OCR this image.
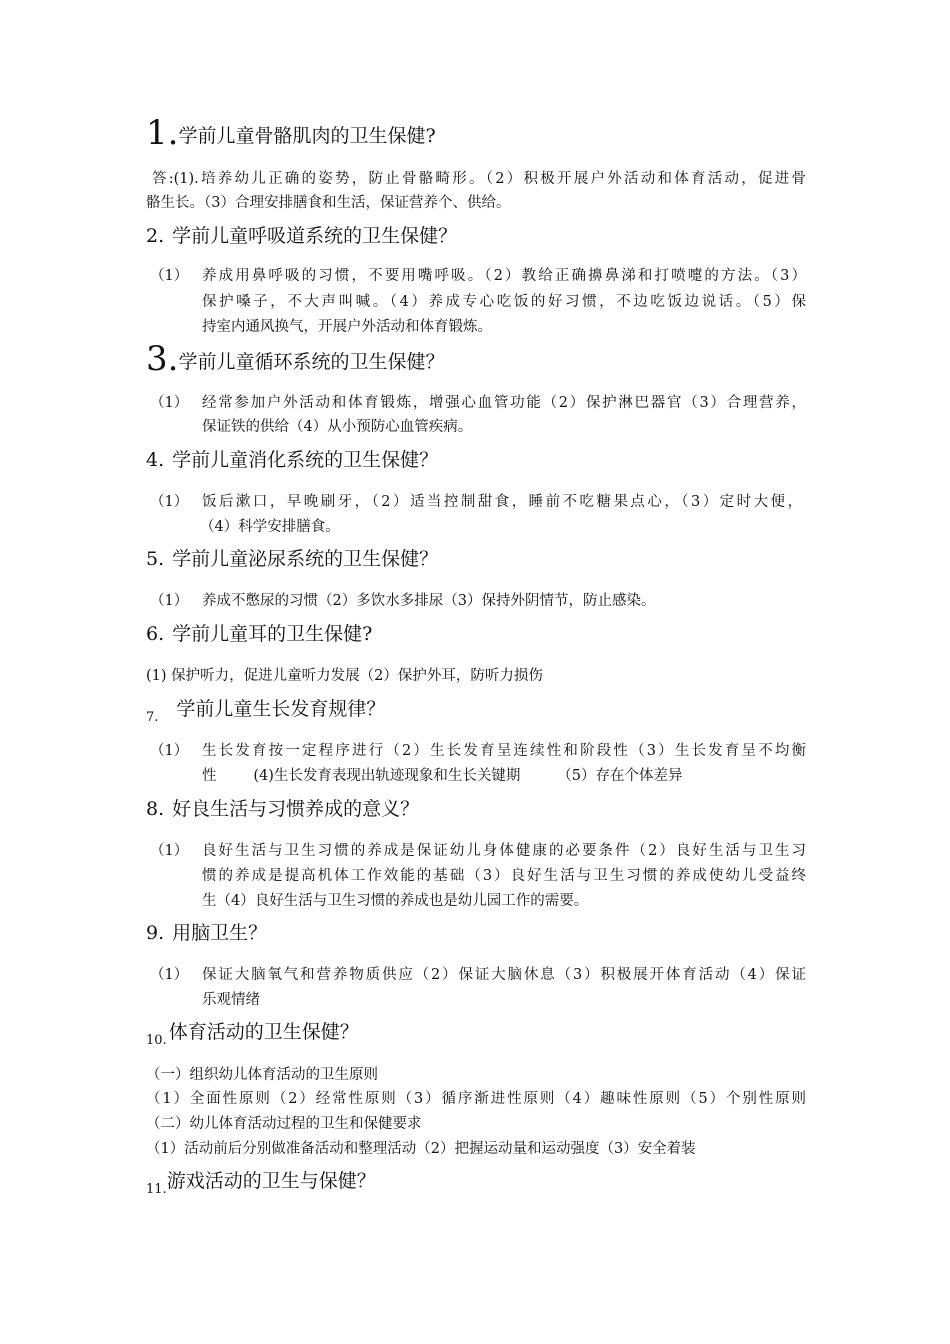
1.学前儿童骨骼肌肉的卫生保健?
答:(1).培养幼儿正确的姿势，防止骨骼畸形。（2）积极开展户外活动和体育活动，促进骨
骼生长。（3）合理安排膳食和生活，保证营养个、供给。
2. 学前儿童呼吸道系统的卫生保健？
（1） 养成用鼻呼吸的习惯，不要用嘴呼吸。（2）教给正确擤鼻涕和打喷嚏的方法。（3）
保护嗓子，不大声叫喊。（4）养成专心吃饭的好习惯，不边吃饭边说话。（5）保
持室内通风换气，开展户外活动和体育锻炼。
3.学前儿童循环系统的卫生保健？
（1） 经常参加户外活动和体育锻炼，增强心血管功能（2）保护淋巴器官（3）合理营养，
保证铁的供给（4）从小预防心血管疾病。
4. 学前儿童消化系统的卫生保健？
（1） 饭后漱口，早晚刷牙，（2）适当控制甜食，睡前不吃糖果点心，（3）定时大便，
（4）科学安排膳食。
5. 学前儿童泌尿系统的卫生保健？
（1） 养成不憋尿的习惯（2）多饮水多排尿（3）保持外阴情节，防止感染。
6. 学前儿童耳的卫生保健?
(1) 保护听力，促进儿童听力发展（2）保护外耳，防听力损伤
7. 学前儿童生长发育规律？
（1） 生长发育按一定程序进行（2）生长发育呈连续性和阶段性（3）生长发育呈不均衡
性        (4)生长发育表现出轨迹现象和生长关键期        （5）存在个体差异
8. 好良生活与习惯养成的意义？
（1） 良好生活与卫生习惯的养成是保证幼儿身体健康的必要条件（2）良好生活与卫生习
惯的养成是提高机体工作效能的基础（3）良好生活与卫生习惯的养成使幼儿受益终
生（4）良好生活与卫生习惯的养成也是幼儿园工作的需要。
9. 用脑卫生？
（1） 保证大脑氧气和营养物质供应（2）保证大脑休息（3）积极展开体育活动（4）保证
乐观情绪
10. 体育活动的卫生保健？
（一）组织幼儿体育活动的卫生原则
（1）全面性原则（2）经常性原则（3）循序渐进性原则（4）趣味性原则（5）个别性原则
（二）幼儿体育活动过程的卫生和保健要求
（1）活动前后分别做准备活动和整理活动（2）把握运动量和运动强度（3）安全着装
11.游戏活动的卫生与保健？
